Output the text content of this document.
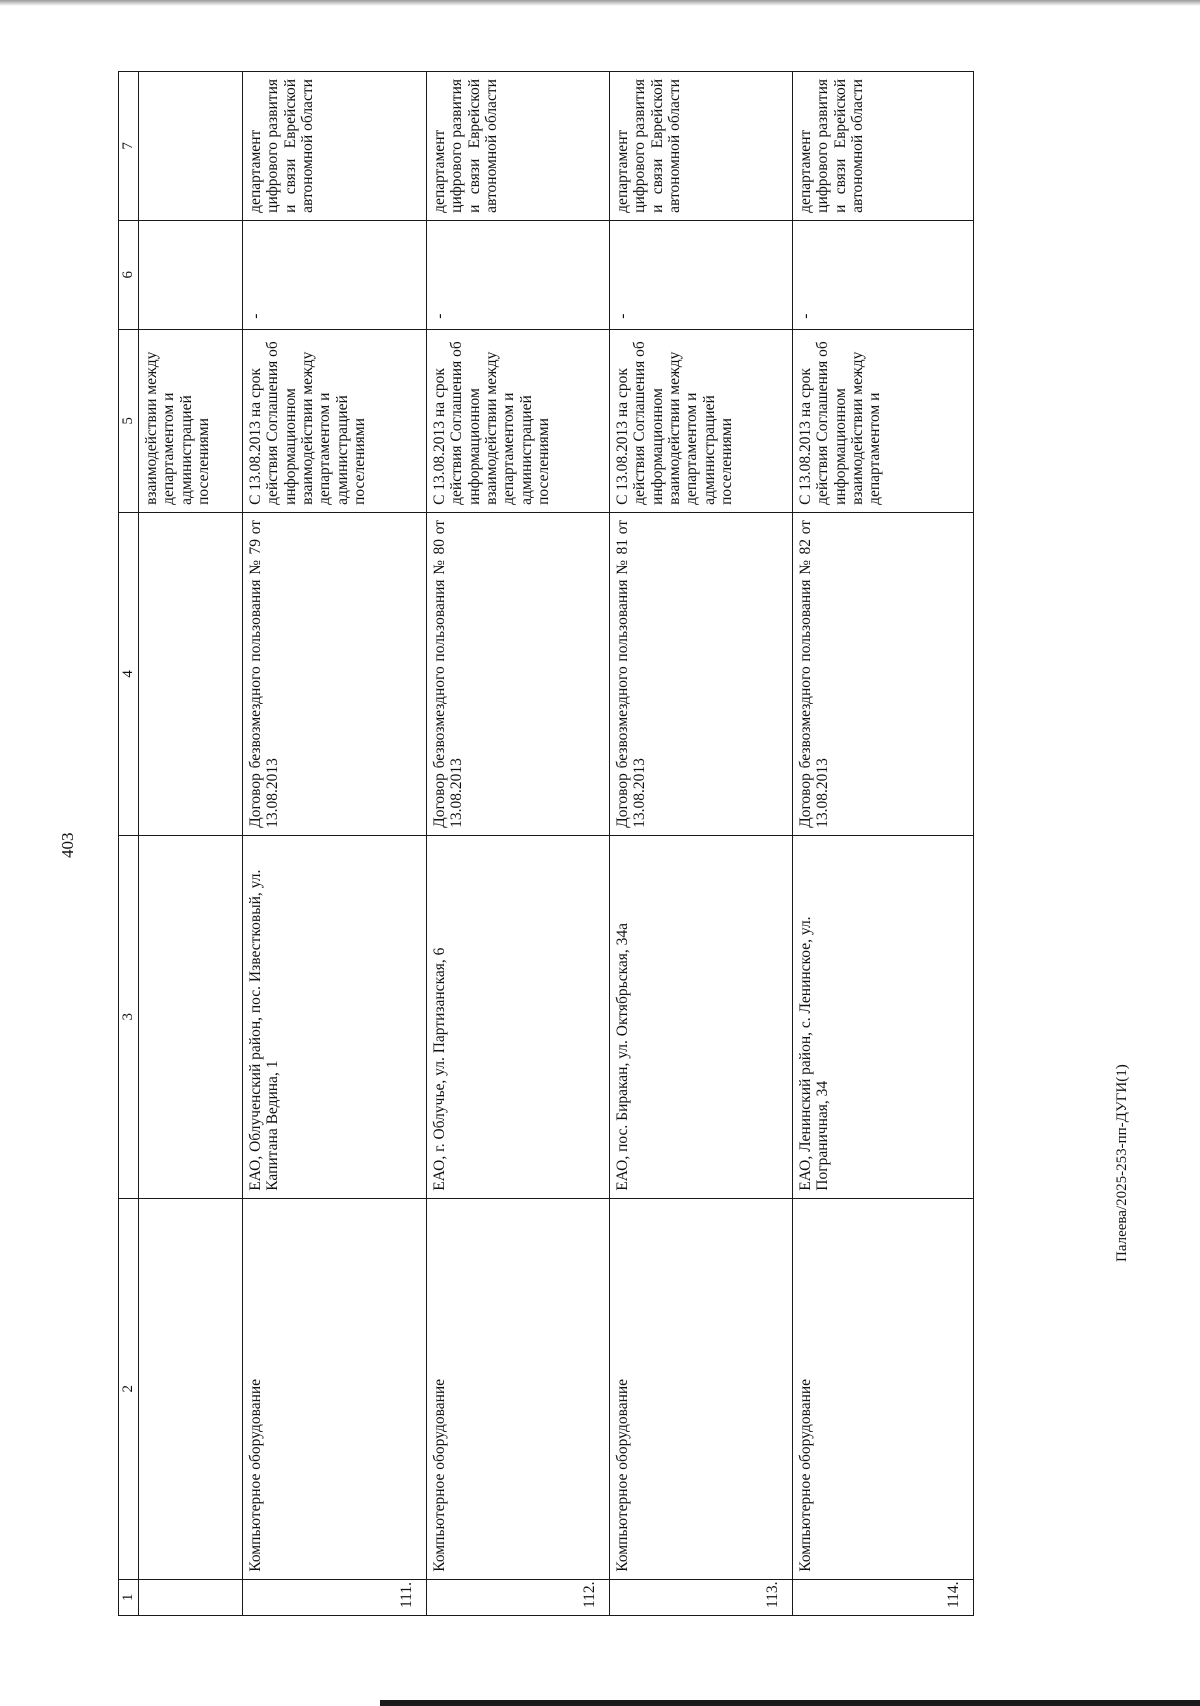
403
Палеева/2025-253-пп-ДУГИ(1)
1	2	3	4	5	6	7
				взаимодействии между департаментом и администрацией поселениями		
111.	Компьютерное оборудование	ЕАО, Облученский район, пос. Известковый, ул. Капитана Ведина, 1	Договор безвозмездного пользования № 79 от 13.08.2013	С 13.08.2013 на срок действия Соглашения об информационном взаимодействии между департаментом и администрацией поселениями	-	департамент цифрового развития и связи Еврейской автономной области
112.	Компьютерное оборудование	ЕАО, г. Облучье, ул. Партизанская, 6	Договор безвозмездного пользования № 80 от 13.08.2013	С 13.08.2013 на срок действия Соглашения об информационном взаимодействии между департаментом и администрацией поселениями	-	департамент цифрового развития и связи Еврейской автономной области
113.	Компьютерное оборудование	ЕАО, пос. Биракан, ул. Октябрьская, 34а	Договор безвозмездного пользования № 81 от 13.08.2013	С 13.08.2013 на срок действия Соглашения об информационном взаимодействии между департаментом и администрацией поселениями	-	департамент цифрового развития и связи Еврейской автономной области
114.	Компьютерное оборудование	ЕАО, Ленинский район, с. Ленинское, ул. Пограничная, 34	Договор безвозмездного пользования № 82 от 13.08.2013	С 13.08.2013 на срок действия Соглашения об информационном взаимодействии между департаментом и	-	департамент цифрового развития и связи Еврейской автономной области
